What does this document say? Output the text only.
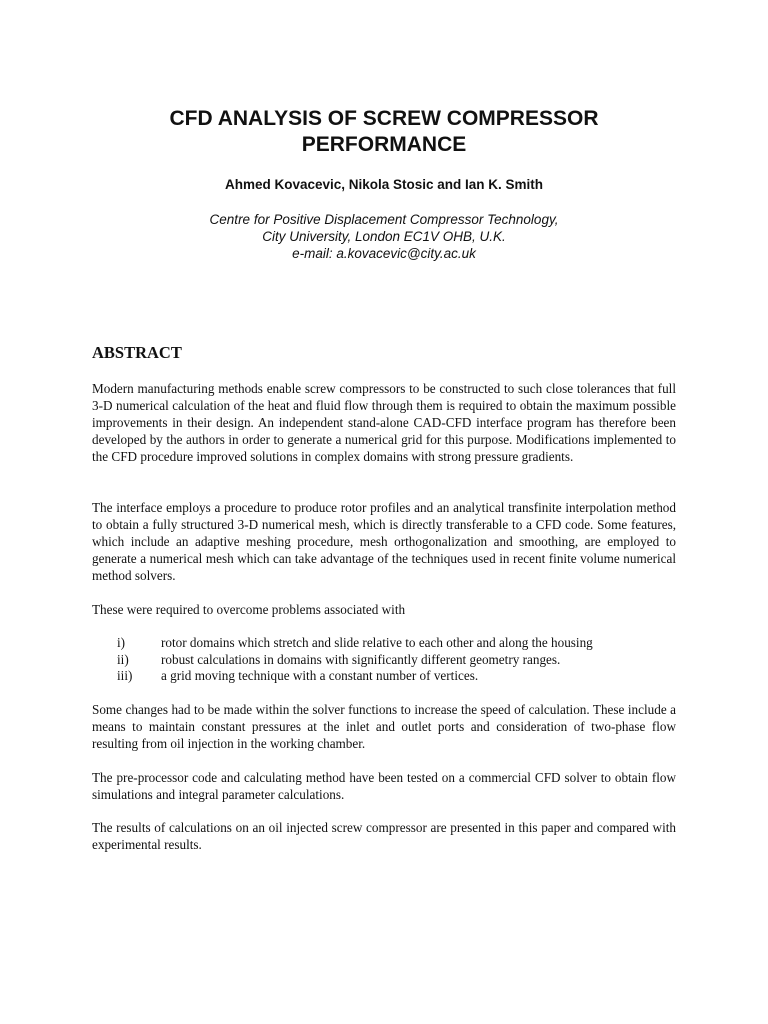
CFD ANALYSIS OF SCREW COMPRESSOR
PERFORMANCE
Ahmed Kovacevic, Nikola Stosic and Ian K. Smith
Centre for Positive Displacement Compressor Technology,
City University, London EC1V OHB, U.K.
e-mail: a.kovacevic@city.ac.uk
ABSTRACT
Modern manufacturing methods enable screw compressors to be constructed to such close tolerances that full 3-D numerical calculation of the heat and fluid flow through them is required to obtain the maximum possible improvements in their design. An independent stand-alone CAD-CFD interface program has therefore been developed by the authors in order to generate a numerical grid for this purpose. Modifications implemented to the CFD procedure improved solutions in complex domains with strong pressure gradients.
The interface employs a procedure to produce rotor profiles and an analytical transfinite interpolation method to obtain a fully structured 3-D numerical mesh, which is directly transferable to a CFD code. Some features, which include an adaptive meshing procedure, mesh orthogonalization and smoothing, are employed to generate a numerical mesh which can take advantage of the techniques used in recent finite volume numerical method solvers.
These were required to overcome problems associated with
i)	rotor domains which stretch and slide relative to each other and along the housing
ii)	robust calculations in domains with significantly different geometry ranges.
iii)	a grid moving technique with a constant number of vertices.
Some changes had to be made within the solver functions to increase the speed of calculation. These include a means to maintain constant pressures at the inlet and outlet ports and consideration of two-phase flow resulting from oil injection in the working chamber.
The pre-processor code and calculating method have been tested on a commercial CFD solver to obtain flow simulations and integral parameter calculations.
The results of calculations on an oil injected screw compressor are presented in this paper and compared with experimental results.
